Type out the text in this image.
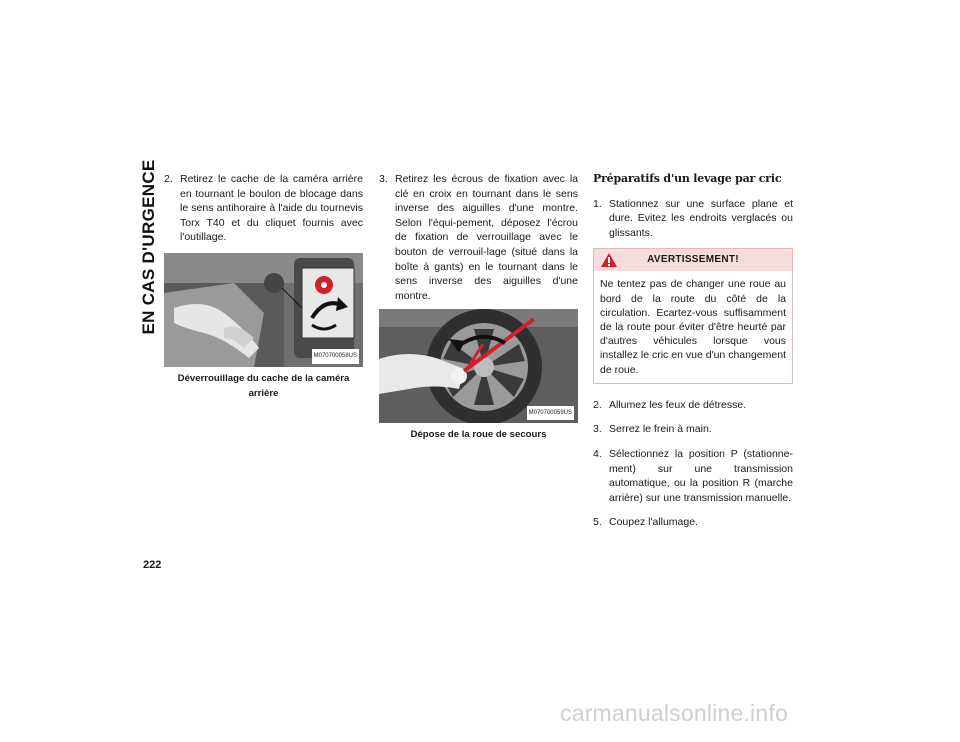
EN CAS D'URGENCE
222
2. Retirez le cache de la caméra arrière en tournant le boulon de blocage dans le sens antihoraire à l'aide du tournevis Torx T40 et du cliquet fournis avec l'outillage.
M070700058US
Déverrouillage du cache de la caméra arrière
3. Retirez les écrous de fixation avec la clé en croix en tournant dans le sens inverse des aiguilles d'une montre. Selon l'équi-pement, déposez l'écrou de fixation de verrouillage avec le bouton de verrouil-lage (situé dans la boîte à gants) en le tournant dans le sens inverse des aiguilles d'une montre.
M070700059US
Dépose de la roue de secours
Préparatifs d'un levage par cric
1. Stationnez sur une surface plane et dure. Evitez les endroits verglacés ou glissants.
AVERTISSEMENT!
Ne tentez pas de changer une roue au bord de la route du côté de la circulation. Ecartez-vous suffisamment de la route pour éviter d'être heurté par d'autres véhicules lorsque vous installez le cric en vue d'un changement de roue.
2. Allumez les feux de détresse.
3. Serrez le frein à main.
4. Sélectionnez la position P (stationne-ment) sur une transmission automatique, ou la position R (marche arrière) sur une transmission manuelle.
5. Coupez l'allumage.
carmanualsonline.info
